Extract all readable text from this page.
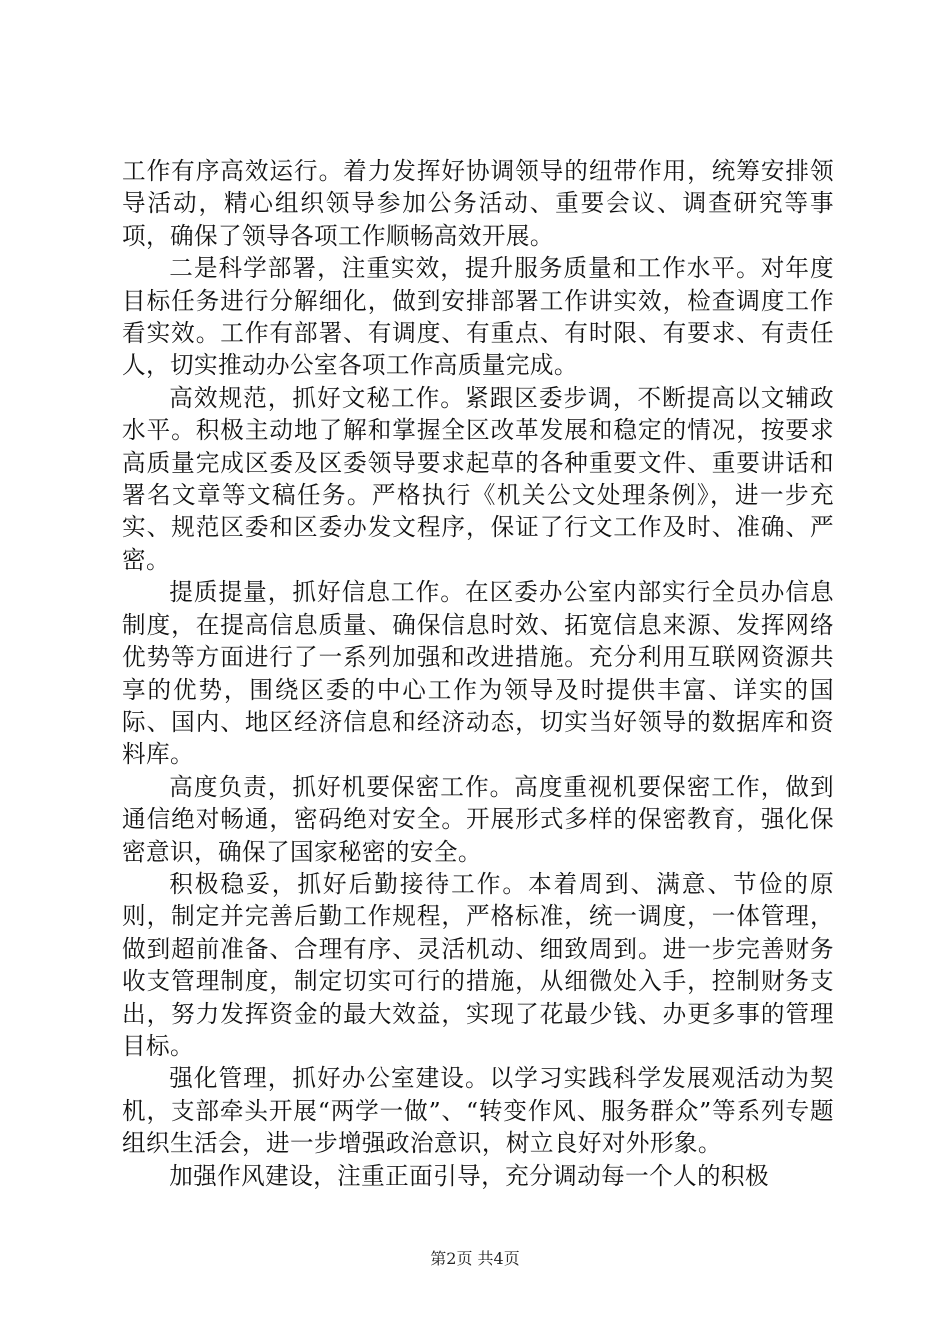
工作有序高效运行。着力发挥好协调领导的纽带作用，统筹安排领导活动，精心组织领导参加公务活动、重要会议、调查研究等事项，确保了领导各项工作顺畅高效开展。

二是科学部署，注重实效，提升服务质量和工作水平。对年度目标任务进行分解细化，做到安排部署工作讲实效，检查调度工作看实效。工作有部署、有调度、有重点、有时限、有要求、有责任人，切实推动办公室各项工作高质量完成。

高效规范，抓好文秘工作。紧跟区委步调，不断提高以文辅政水平。积极主动地了解和掌握全区改革发展和稳定的情况，按要求高质量完成区委及区委领导要求起草的各种重要文件、重要讲话和署名文章等文稿任务。严格执行《机关公文处理条例》，进一步充实、规范区委和区委办发文程序，保证了行文工作及时、准确、严密。

提质提量，抓好信息工作。在区委办公室内部实行全员办信息制度，在提高信息质量、确保信息时效、拓宽信息来源、发挥网络优势等方面进行了一系列加强和改进措施。充分利用互联网资源共享的优势，围绕区委的中心工作为领导及时提供丰富、详实的国际、国内、地区经济信息和经济动态，切实当好领导的数据库和资料库。

高度负责，抓好机要保密工作。高度重视机要保密工作，做到通信绝对畅通，密码绝对安全。开展形式多样的保密教育，强化保密意识，确保了国家秘密的安全。

积极稳妥，抓好后勤接待工作。本着周到、满意、节俭的原则，制定并完善后勤工作规程，严格标准，统一调度，一体管理，做到超前准备、合理有序、灵活机动、细致周到。进一步完善财务收支管理制度，制定切实可行的措施，从细微处入手，控制财务支出，努力发挥资金的最大效益，实现了花最少钱、办更多事的管理目标。

强化管理，抓好办公室建设。以学习实践科学发展观活动为契机，支部牵头开展“两学一做”、“转变作风、服务群众”等系列专题组织生活会，进一步增强政治意识，树立良好对外形象。

加强作风建设，注重正面引导，充分调动每一个人的积极

第2页 共4页
